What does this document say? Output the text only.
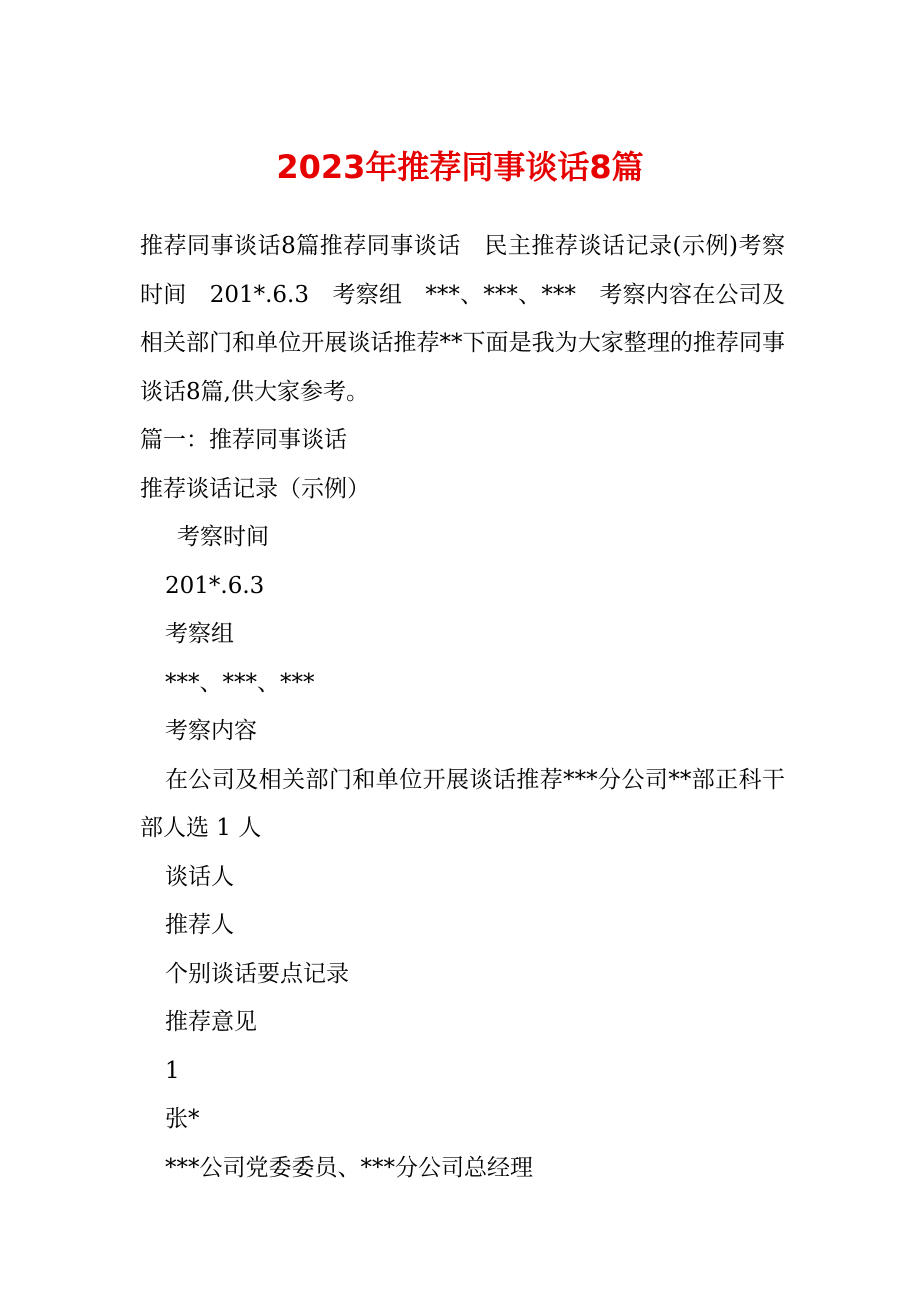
2023年推荐同事谈话8篇

推荐同事谈话8篇推荐同事谈话　民主推荐谈话记录(示例)考察时间　201*.6.3　考察组　***、***、***　考察内容在公司及相关部门和单位开展谈话推荐**下面是我为大家整理的推荐同事谈话8篇,供大家参考。

篇一：推荐同事谈话

推荐谈话记录（示例）

考察时间

201*.6.3

考察组

***、***、***

考察内容

在公司及相关部门和单位开展谈话推荐***分公司**部正科干部人选 1 人

谈话人

推荐人

个别谈话要点记录

推荐意见

1

张*

***公司党委委员、***分公司总经理
